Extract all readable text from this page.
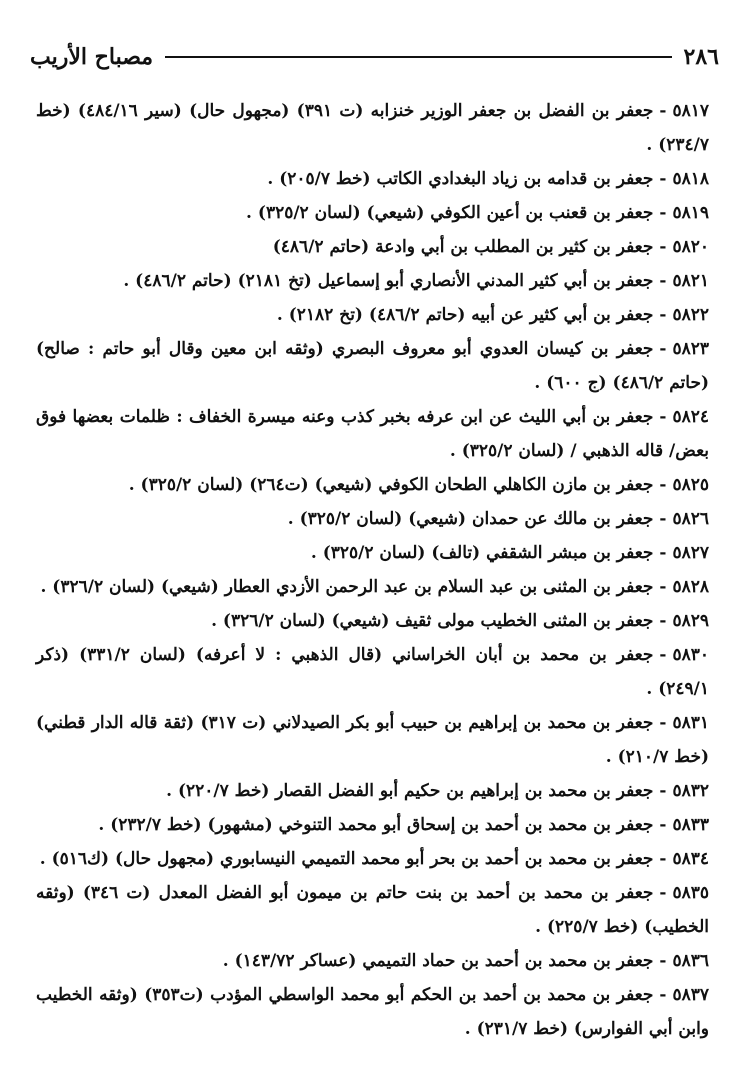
٢٨٦
مصباح الأريب
٥٨١٧-جعفر بن الفضل بن جعفر الوزير خنزابه (ت ٣٩١) (مجهول حال) (سير ٤٨٤/١٦) (خط ٢٣٤/٧) .
٥٨١٨-جعفر بن قدامه بن زياد البغدادي الكاتب (خط ٢٠٥/٧) .
٥٨١٩-جعفر بن قعنب بن أعين الكوفي (شيعي) (لسان ٣٢٥/٢) .
٥٨٢٠-جعفر بن كثير بن المطلب بن أبي وادعة (حاتم ٤٨٦/٢)
٥٨٢١-جعفر بن أبي كثير المدني الأنصاري أبو إسماعيل (تخ ٢١٨١) (حاتم ٤٨٦/٢) .
٥٨٢٢-جعفر بن أبي كثير عن أبيه (حاتم ٤٨٦/٢) (تخ ٢١٨٢) .
٥٨٢٣-جعفر بن كيسان العدوي أبو معروف البصري (وثقه ابن معين وقال أبو حاتم : صالح) (حاتم ٤٨٦/٢) (ج ٦٠٠) .
٥٨٢٤-جعفر بن أبي الليث عن ابن عرفه بخبر كذب وعنه ميسرة الخفاف : ظلمات بعضها فوق بعض/ قاله الذهبي / (لسان ٣٢٥/٢) .
٥٨٢٥-جعفر بن مازن الكاهلي الطحان الكوفي (شيعي) (ت٢٦٤) (لسان ٣٢٥/٢) .
٥٨٢٦-جعفر بن مالك عن حمدان (شيعي) (لسان ٣٢٥/٢) .
٥٨٢٧-جعفر بن مبشر الشقفي (تالف) (لسان ٣٢٥/٢) .
٥٨٢٨-جعفر بن المثنى بن عبد السلام بن عبد الرحمن الأزدي العطار (شيعي) (لسان ٣٢٦/٢) .
٥٨٢٩-جعفر بن المثنى الخطيب مولى ثقيف (شيعي) (لسان ٣٢٦/٢) .
٥٨٣٠-جعفر بن محمد بن أبان الخراساني (قال الذهبي : لا أعرفه) (لسان ٣٣١/٢) (ذكر ٢٤٩/١) .
٥٨٣١-جعفر بن محمد بن إبراهيم بن حبيب أبو بكر الصيدلاني (ت ٣١٧) (ثقة قاله الدار قطني) (خط ٢١٠/٧) .
٥٨٣٢-جعفر بن محمد بن إبراهيم بن حكيم أبو الفضل القصار (خط ٢٢٠/٧) .
٥٨٣٣-جعفر بن محمد بن أحمد بن إسحاق أبو محمد التنوخي (مشهور) (خط ٢٣٢/٧) .
٥٨٣٤-جعفر بن محمد بن أحمد بن بحر أبو محمد التميمي النيسابوري (مجهول حال) (ك٥١٦) .
٥٨٣٥-جعفر بن محمد بن أحمد بن بنت حاتم بن ميمون أبو الفضل المعدل (ت ٣٤٦) (وثقه الخطيب) (خط ٢٢٥/٧) .
٥٨٣٦-جعفر بن محمد بن أحمد بن حماد التميمي (عساكر ١٤٣/٧٢) .
٥٨٣٧-جعفر بن محمد بن أحمد بن الحكم أبو محمد الواسطي المؤدب (ت٣٥٣) (وثقه الخطيب وابن أبي الفوارس) (خط ٢٣١/٧) .
